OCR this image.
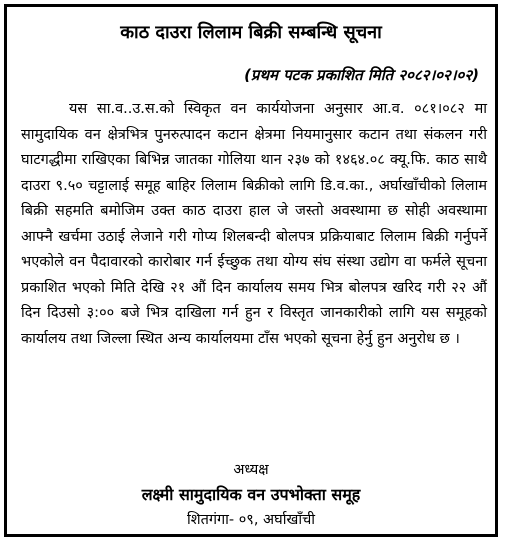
काठ दाउरा लिलाम बिक्री सम्बन्धि सूचना
(प्रथम पटक प्रकाशित मिति २०८२।०२।०२)

यस सा.व..उ.स.को स्विकृत वन कार्ययोजना अनुसार आ.व. ०८१।०८२ मा सामुदायिक वन क्षेत्रभित्र पुनरुत्पादन कटान क्षेत्रमा नियमानुसार कटान तथा संकलन गरी घाटगद्धीमा राखिएका बिभिन्न जातका गोलिया थान २३७ को १४६४.०८ क्यू.फि. काठ साथै दाउरा ९.५० चट्टालाई समूह बाहिर लिलाम बिक्रीको लागि डि.व.का., अर्घाखाँचीको लिलाम बिक्री सहमति बमोजिम उक्त काठ दाउरा हाल जे जस्तो अवस्थामा छ सोही अवस्थामा आफ्नै खर्चमा उठाई लेजाने गरी गोप्य शिलबन्दी बोलपत्र प्रक्रियाबाट लिलाम बिक्री गर्नुपर्ने भएकोले वन पैदावारको कारोबार गर्न ईच्छुक तथा योग्य संघ संस्था उद्योग वा फर्मले सूचना प्रकाशित भएको मिति देखि २१ औं दिन कार्यालय समय भित्र बोलपत्र खरिद गरी २२ औं दिन दिउसो ३:०० बजे भित्र दाखिला गर्न हुन र विस्तृत जानकारीको लागि यस समूहको कार्यालय तथा जिल्ला स्थित अन्य कार्यालयमा टाँस भएको सूचना हेर्नु हुन अनुरोध छ ।

अध्यक्ष
लक्ष्मी सामुदायिक वन उपभोक्ता समूह
शितगंगा- ०९, अर्घाखाँची
